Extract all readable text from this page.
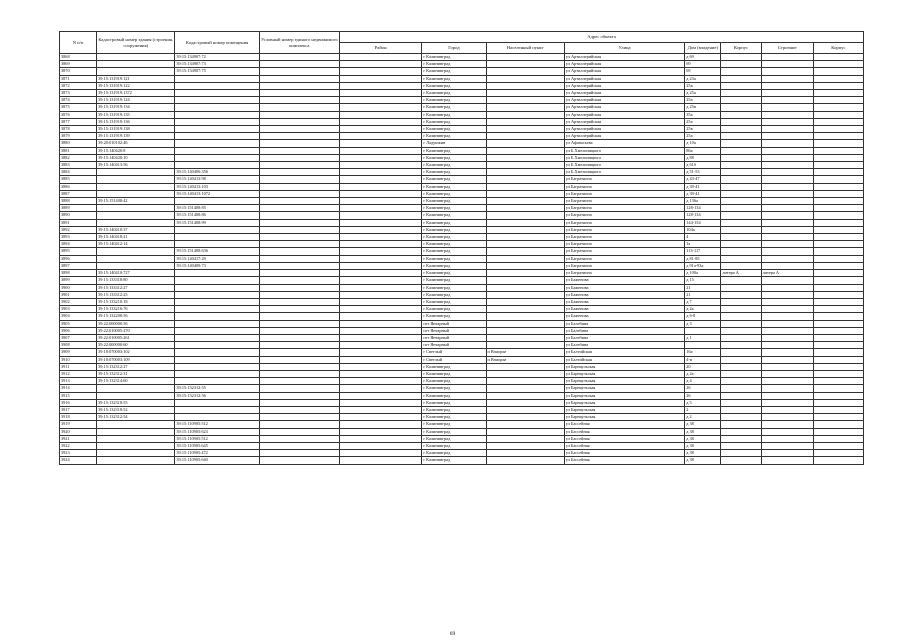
N п/п	Кадастровый номер здания (строения, сооружения)	Кадастровый номер помещения	Условный номер единого недвижимого комплекса	Адрес объекта							
				Район	Город	Населенный пункт	Улица	Дом (владение)	Корпус	Строение	Корпус
3868		39:15:134907:72			г Калининград		ул Артиллерийская	д 69			
3869		39:15:134907:73			г Калининград		ул Артиллерийская	69			
3870		39:15:134907:75			г Калининград		ул Артиллерийская	69			
3871	39:15:131919:121				г Калининград		ул Артиллерийская	д 23а			
3872	39:15:131919:122				г Калининград		ул Артиллерийская	25в			
3873	39:15:131919:1372				г Калининград		ул Артиллерийская	д 25а			
3874	39:15:131919:124				г Калининград		ул Артиллерийская	25а			
3875	39:15:131919:134				г Калининград		ул Артиллерийская	д 25в			
3876	39:15:131919:135				г Калининград		ул Артиллерийская	35а			
3877	39:15:131919:136				г Калининград		ул Артиллерийская	25а			
3878	39:15:131919:138				г Калининград		ул Артиллерийская	25в			
3879	39:15:131919:139				г Калининград		ул Артиллерийская	25а			
3880	39:20:010102:46				г Ладушкин		ул Афанасьева	д 10а			
3881	39:15:140420:8				г Калининград		ул Б.Хмельницкого	86а			
3882	39:15:140420:10				г Калининград		ул Б.Хмельницкого	д 88			
3883	39:15:140413:56				г Калининград		ул Б.Хмельницкого	д 61б			
3884		39:15:140406:356			г Калининград		ул Б.Хмельницкого	д 51-53			
3885		39:15:140413:98			г Калининград		ул Багратиона	д 43-47			
3886		39:15:140413:103			г Калининград		ул Багратиона	д 39-41			
3887		39:15:140413:1072			г Калининград		ул Багратиона	д 39-41			
3888	39:15:151408:42				г Калининград		ул Багратиона	д 136а			
3889		39:15:151408:85			г Калининград		ул Багратиона	128-134			
3890		39:15:151408:86			г Калининград		ул Багратиона	128-134			
3891		39:15:151408:99			г Калининград		ул Багратиона	144-154			
3892	39:15:140410:37				г Калининград		ул Багратиона	104а			
3893	39:15:140418:21				г Калининград		ул Багратиона	4			
3894	39:15:140412:14				г Калининград		ул Багратиона	1а			
3895		39:15:151408:636			г Калининград		ул Багратиона	113-117			
3896		39:15:140417:29			г Калининград		ул Багратиона	д 81-85			
3897		39:15:140409:73			г Калининград		ул Багратиона	д 91а-93а			
3898	39:15:140410:727				г Калининград		ул Багратиона	д 100а	литера А	литера А	
3899	39:15:133318:80				г Калининград		ул Баженова	д 15			
3900	39:15:133312:27				г Калининград		ул Баженова	21			
3901	39:15:133312:25				г Калининград		ул Баженова	21			
3902	39:15:133210:18				г Калининград		ул Баженова	д 7			
3903	39:15:133216:76				г Калининград		ул Баженова	д 2а			
3904	39:15:132208:56				г Калининград		ул Баженова	д 6-8			
3905	39:22:000000:56				пгт Янтарный		ул Балебина	д 3			
3906	39:22:010005:270				пгт Янтарный		ул Балебина				
3907	39:22:010005:261				пгт Янтарный		ул Балебина	д 1			
3908	39:22:000000:60				пгт Янтарный		ул Балебина				
3909	39:18:070003:102				г Светлый	п Взморье	ул Балтийская	16а			
3910	39:18:070003:109				г Светлый	п Взморье	ул Балтийская	4-в			
3911	39:15:132312:27				г Калининград		ул Барнаульская	20			
3912	39:15:132312:31				г Калининград		ул Барнаульская	д 2а			
3913	39:15:132314:60				г Калининград		ул Барнаульская	д 4			
3914		39:15:132312:55			г Калининград		ул Барнаульская	26			
3915		39:15:132312:56			г Калининград		ул Барнаульская	26			
3916	39:15:132318:55				г Калининград		ул Барнаульская	д 5			
3917	39:15:132318:52				г Калининград		ул Барнаульская	2			
3918	39:15:132312:54				г Калининград		ул Барнаульская	д 2			
3919		39:15:110905:512			г Калининград		ул Бассейная	д 38			
3920		39:15:110905:623			г Калининград		ул Бассейная	д 38			
3921		39:15:110905:512			г Калининград		ул Бассейная	д 38			
3922		39:15:110905:645			г Калининград		ул Бассейная	д 38			
3923		39:15:110905:472			г Калининград		ул Бассейная	д 38			
3924		39:15:110905:640			г Калининград		ул Бассейная	д 38			
69
